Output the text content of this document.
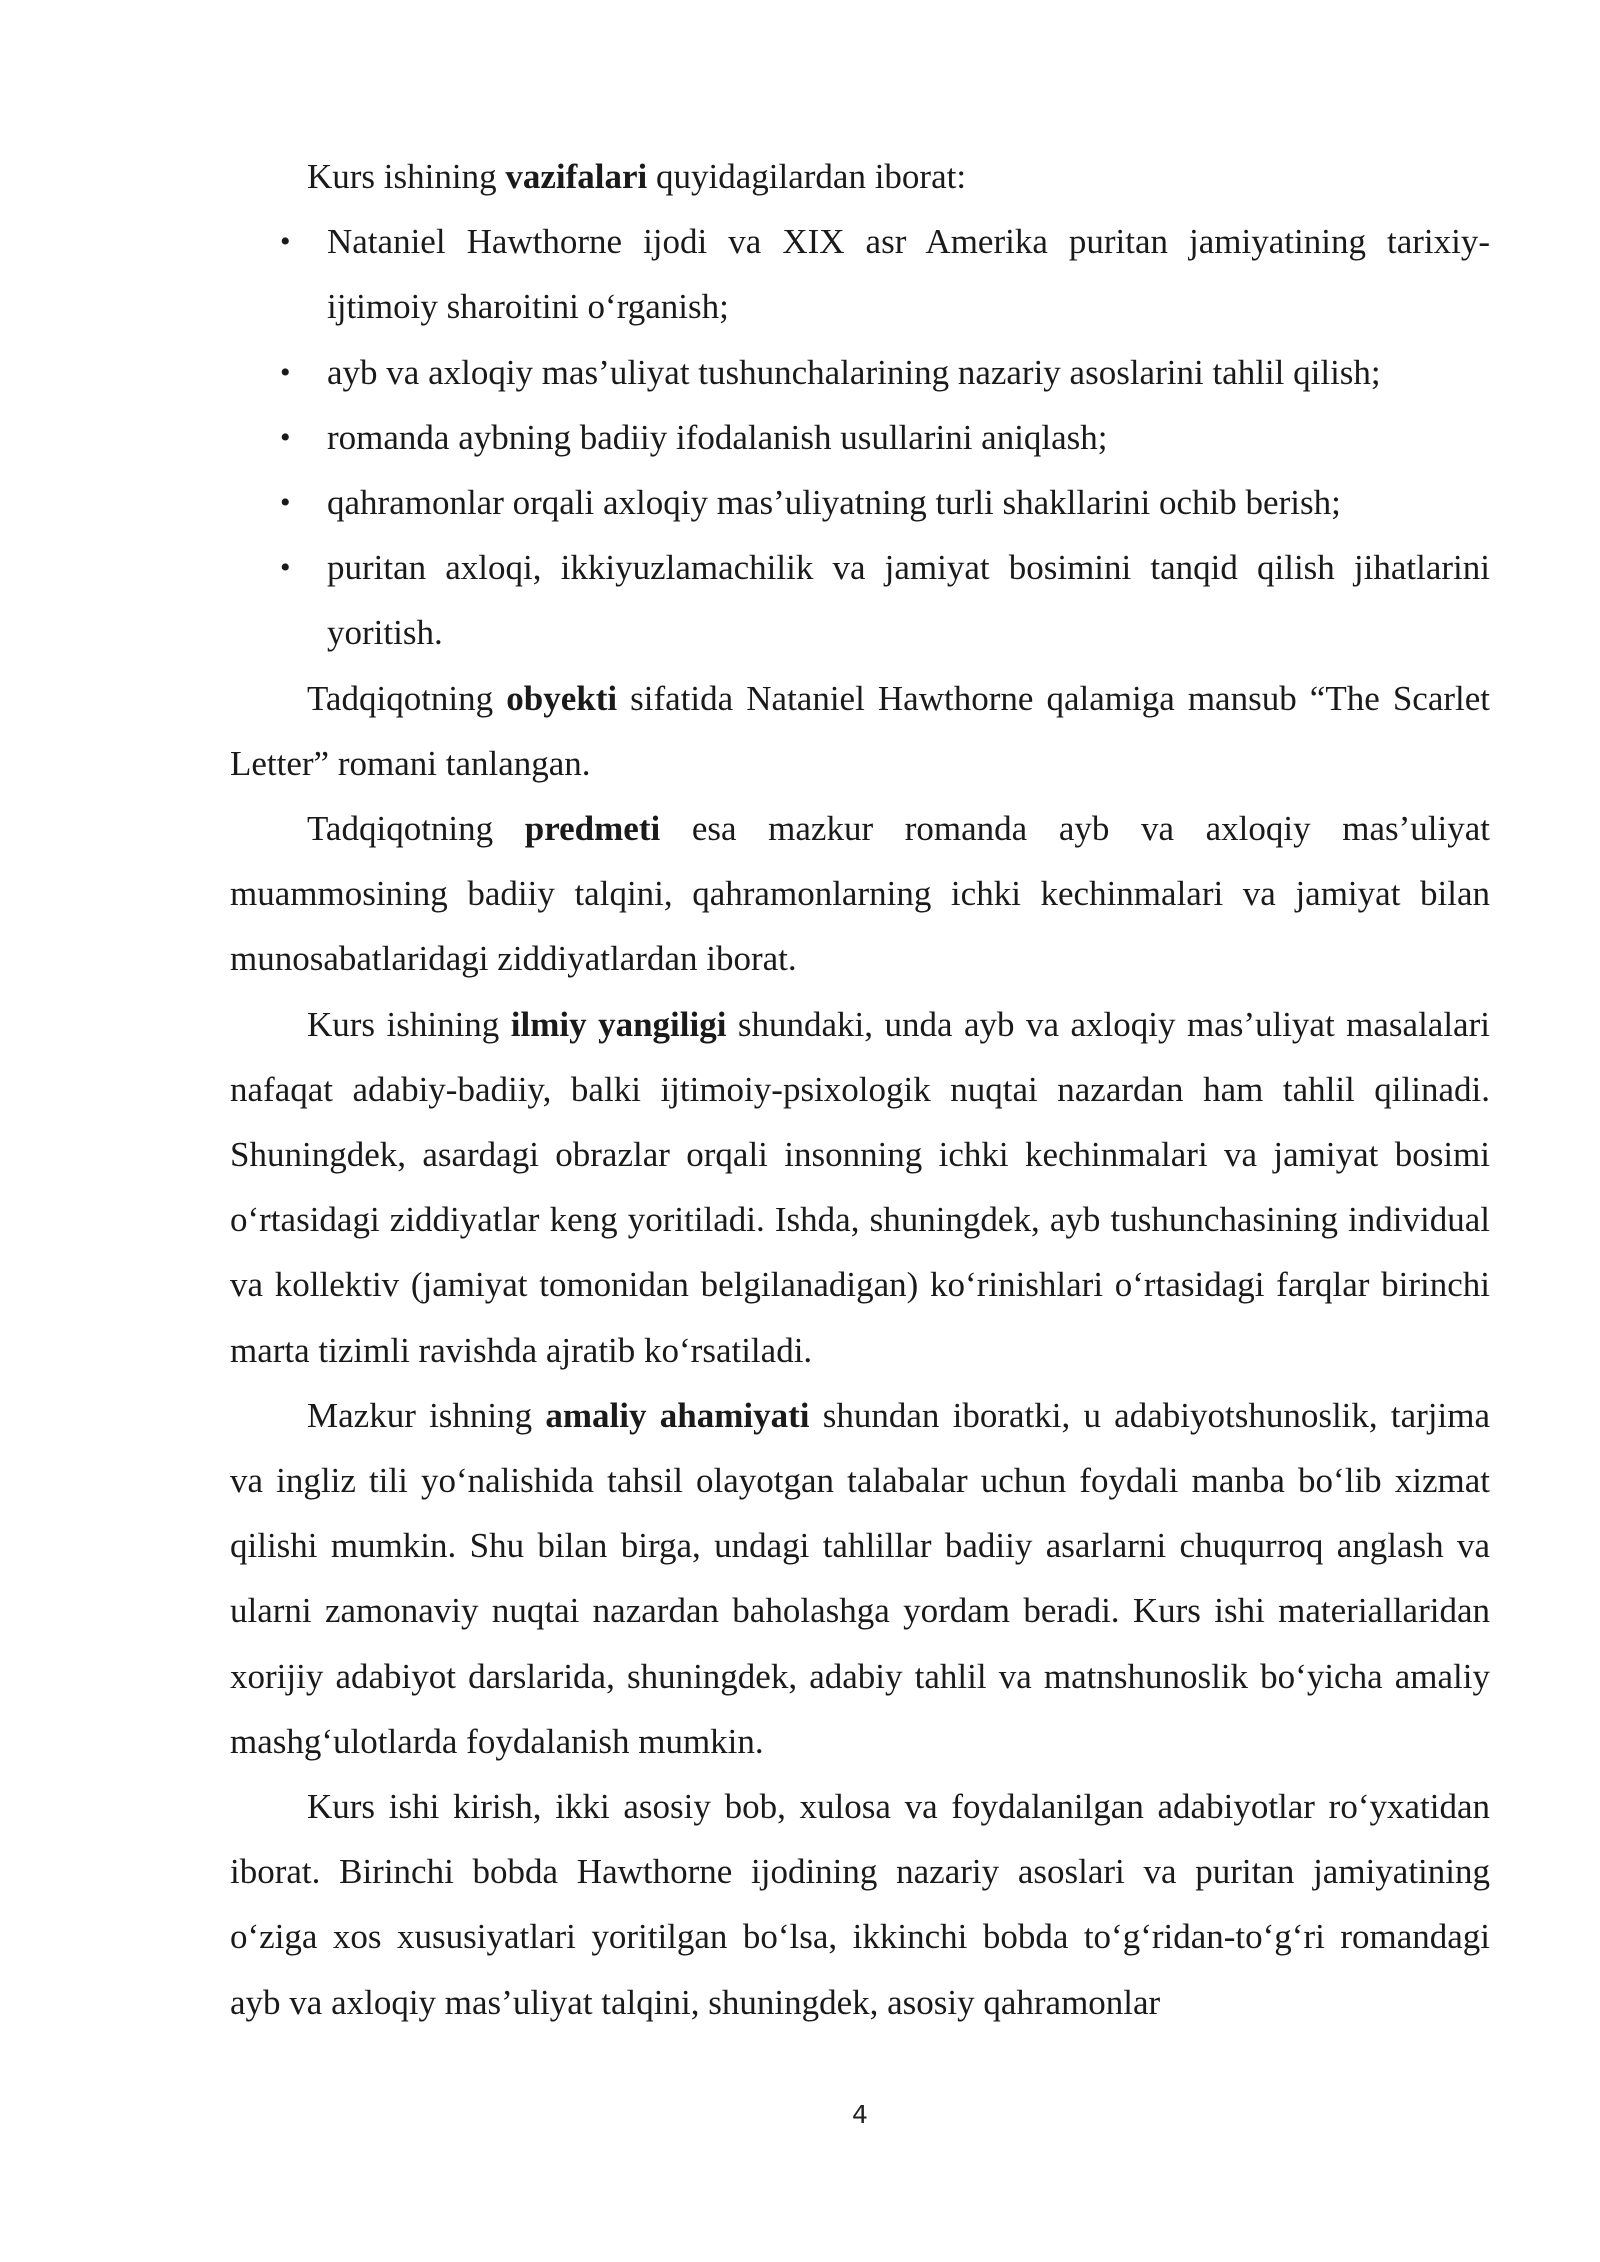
Kurs ishining vazifalari quyidagilardan iborat:

• Nataniel Hawthorne ijodi va XIX asr Amerika puritan jamiyatining tarixiy-ijtimoiy sharoitini o‘rganish;
• ayb va axloqiy mas’uliyat tushunchalarining nazariy asoslarini tahlil qilish;
• romanda aybning badiiy ifodalanish usullarini aniqlash;
• qahramonlar orqali axloqiy mas’uliyatning turli shakllarini ochib berish;
• puritan axloqi, ikkiyuzlamachilik va jamiyat bosimini tanqid qilish jihatlarini yoritish.

Tadqiqotning obyekti sifatida Nataniel Hawthorne qalamiga mansub “The Scarlet Letter” romani tanlangan.

Tadqiqotning predmeti esa mazkur romanda ayb va axloqiy mas’uliyat muammosining badiiy talqini, qahramonlarning ichki kechinmalari va jamiyat bilan munosabatlaridagi ziddiyatlardan iborat.

Kurs ishining ilmiy yangiligi shundaki, unda ayb va axloqiy mas’uliyat masalalari nafaqat adabiy-badiiy, balki ijtimoiy-psixologik nuqtai nazardan ham tahlil qilinadi. Shuningdek, asardagi obrazlar orqali insonning ichki kechinmalari va jamiyat bosimi o‘rtasidagi ziddiyatlar keng yoritiladi. Ishda, shuningdek, ayb tushunchasining individual va kollektiv (jamiyat tomonidan belgilanadigan) ko‘rinishlari o‘rtasidagi farqlar birinchi marta tizimli ravishda ajratib ko‘rsatiladi.

Mazkur ishning amaliy ahamiyati shundan iboratki, u adabiyotshunoslik, tarjima va ingliz tili yo‘nalishida tahsil olayotgan talabalar uchun foydali manba bo‘lib xizmat qilishi mumkin. Shu bilan birga, undagi tahlillar badiiy asarlarni chuqurroq anglash va ularni zamonaviy nuqtai nazardan baholashga yordam beradi. Kurs ishi materiallaridan xorijiy adabiyot darslarida, shuningdek, adabiy tahlil va matnshunoslik bo‘yicha amaliy mashg‘ulotlarda foydalanish mumkin.

Kurs ishi kirish, ikki asosiy bob, xulosa va foydalanilgan adabiyotlar ro‘yxatidan iborat. Birinchi bobda Hawthorne ijodining nazariy asoslari va puritan jamiyatining o‘ziga xos xususiyatlari yoritilgan bo‘lsa, ikkinchi bobda to‘g‘ridan-to‘g‘ri romandagi ayb va axloqiy mas’uliyat talqini, shuningdek, asosiy qahramonlar

4
